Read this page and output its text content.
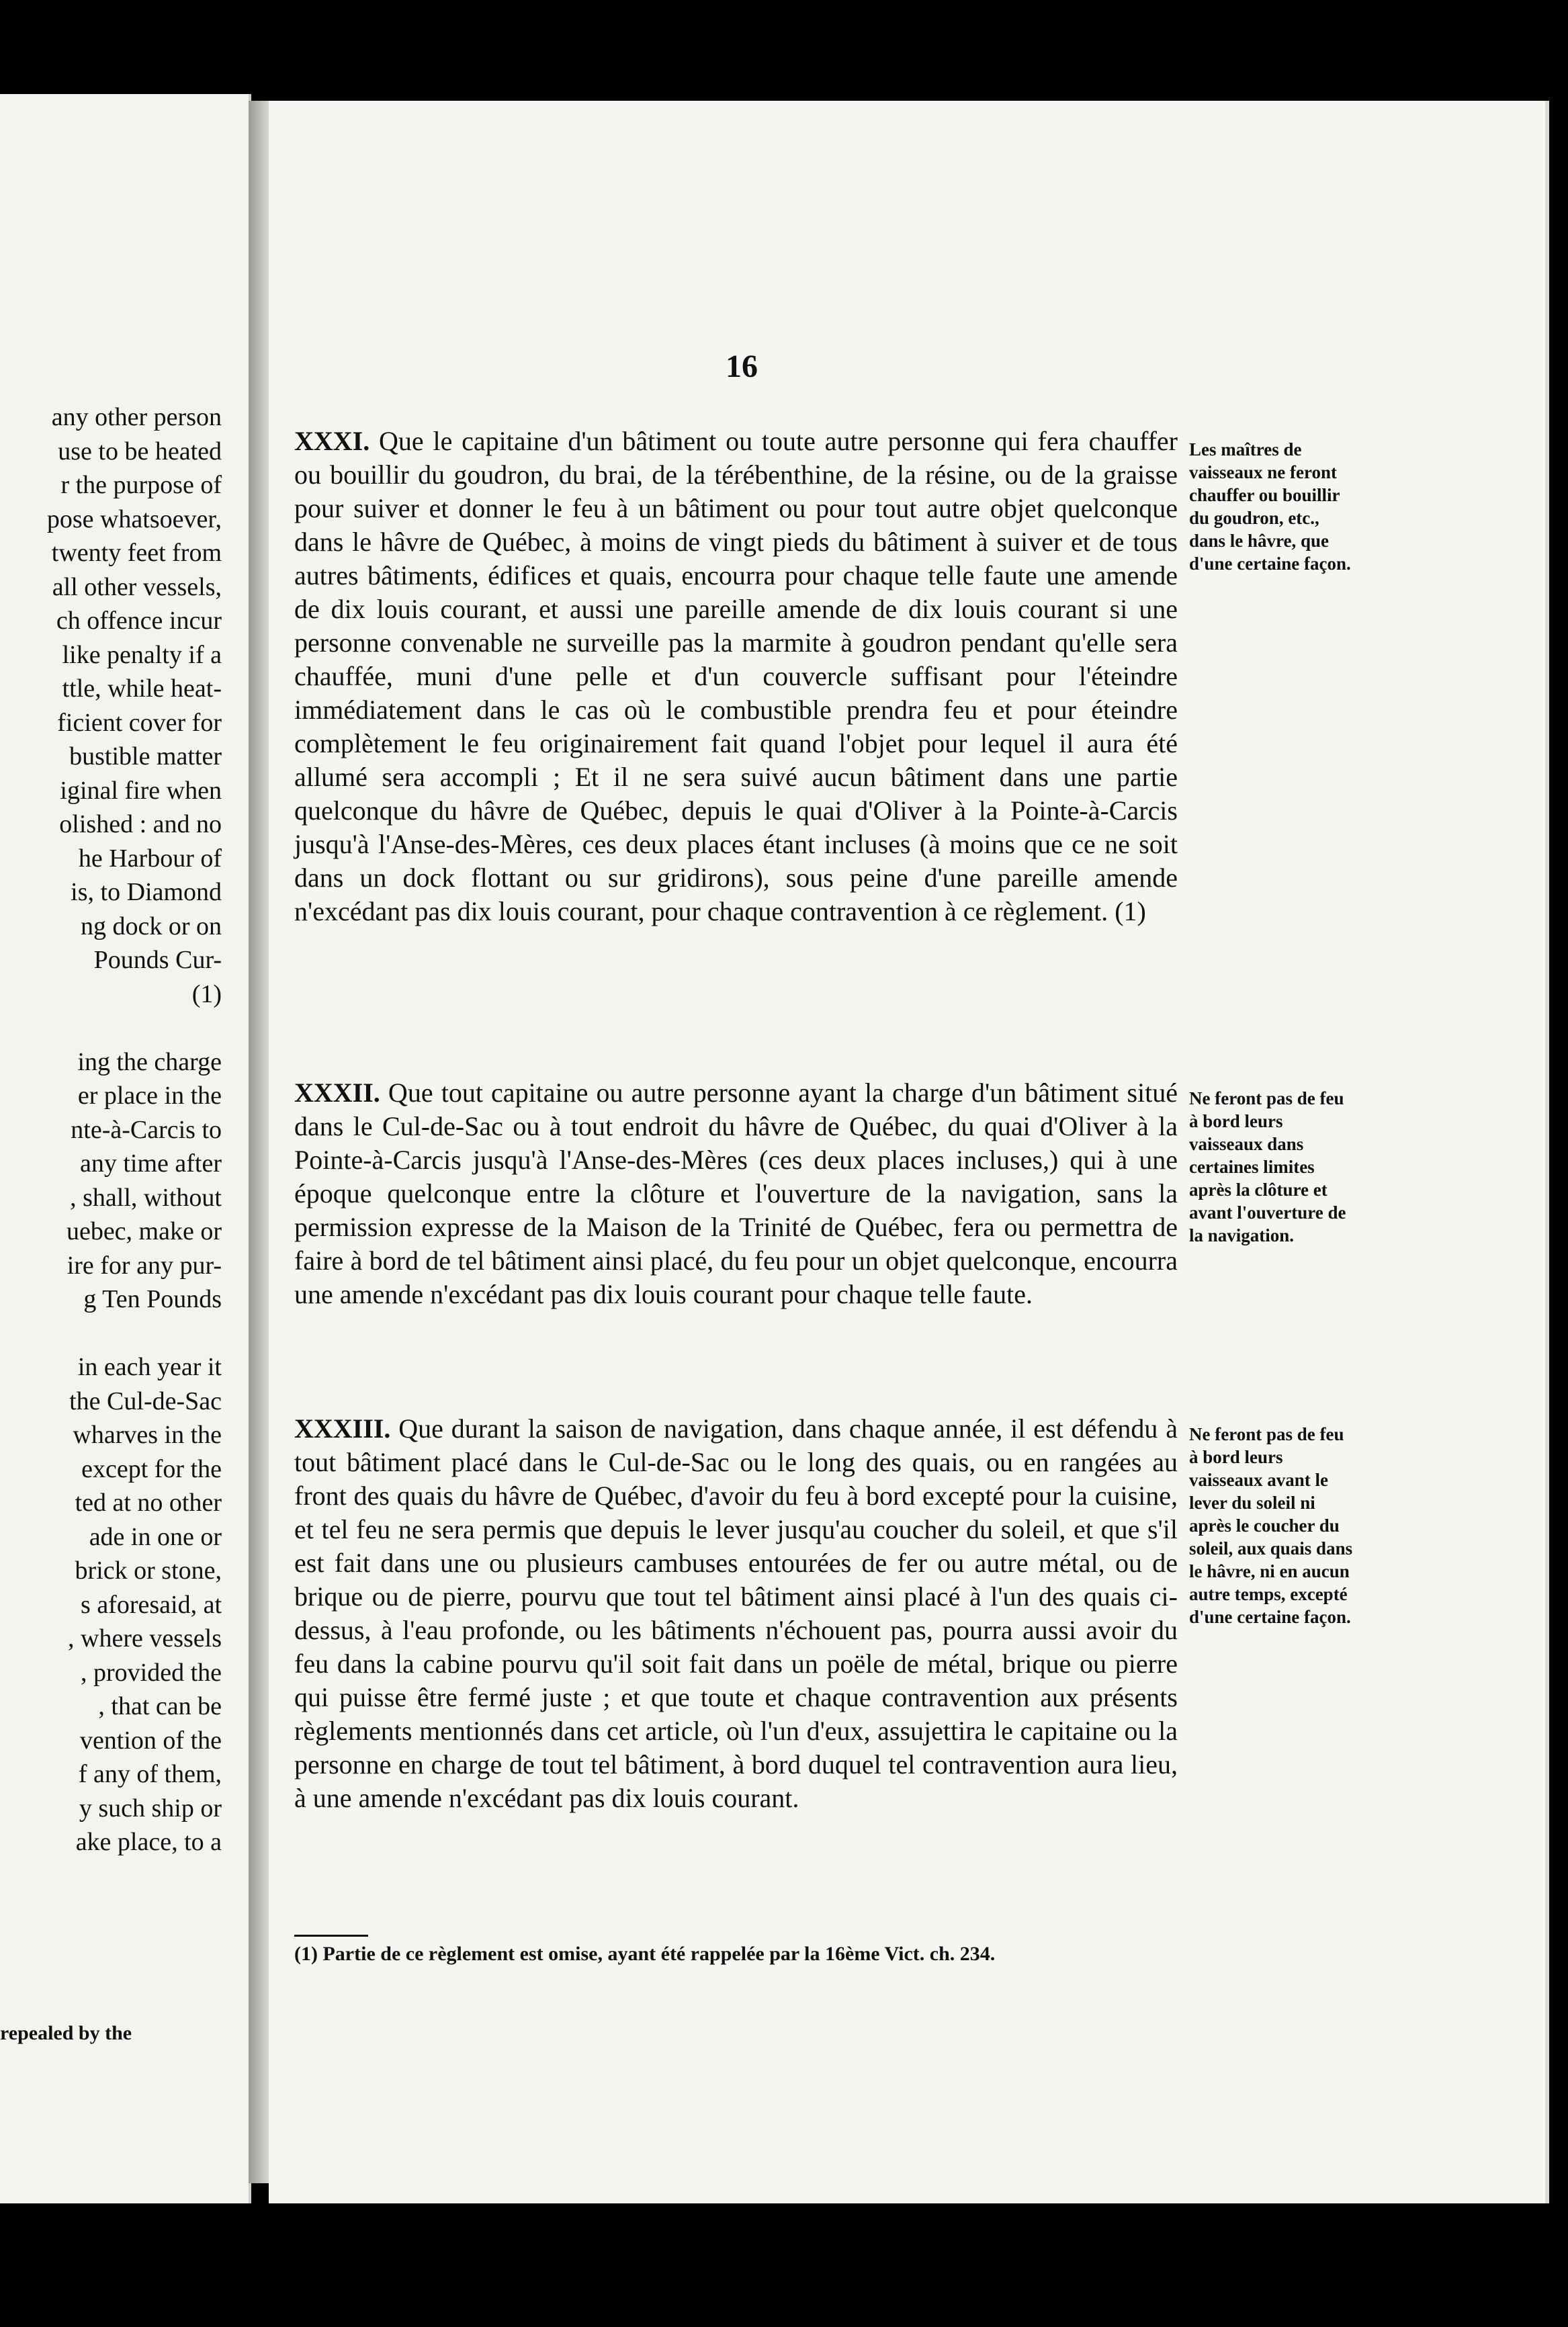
any other person
use to be heated
r the purpose of
pose whatsoever,
twenty feet from
all other vessels,
ch offence incur
like penalty if a
ttle, while heat-
ficient cover for
bustible matter
iginal fire when
olished : and no
he Harbour of
is, to Diamond
ng dock or on
Pounds Cur-
(1)
ing the charge
er place in the
nte-à-Carcis to
any time after
, shall, without
uebec, make or
ire for any pur-
g Ten Pounds
in each year it
the Cul-de-Sac
wharves in the
except for the
ted at no other
ade in one or
brick or stone,
s aforesaid, at
, where vessels
, provided the
, that can be
vention of the
f any of them,
y such ship or
ake place, to a
repealed by the
16

XXXI. Que le capitaine d'un bâtiment ou toute autre personne qui fera chauffer ou bouillir du goudron, du brai, de la térébenthine, de la résine, ou de la graisse pour suiver et donner le feu à un bâtiment ou pour tout autre objet quelconque dans le hâvre de Québec, à moins de vingt pieds du bâtiment à suiver et de tous autres bâtiments, édifices et quais, encourra pour chaque telle faute une amende de dix louis courant, et aussi une pareille amende de dix louis courant si une personne convenable ne surveille pas la marmite à goudron pendant qu'elle sera chauffée, muni d'une pelle et d'un couvercle suffisant pour l'éteindre immédiatement dans le cas où le combustible prendra feu et pour éteindre complètement le feu originairement fait quand l'objet pour lequel il aura été allumé sera accompli ; Et il ne sera suivé aucun bâtiment dans une partie quelconque du hâvre de Québec, depuis le quai d'Oliver à la Pointe-à-Carcis jusqu'à l'Anse-des-Mères, ces deux places étant incluses (à moins que ce ne soit dans un dock flottant ou sur gridirons), sous peine d'une pareille amende n'excédant pas dix louis courant, pour chaque contravention à ce règlement. (1)

Les maîtres de vaisseaux ne feront chauffer ou bouillir du goudron, etc., dans le hâvre, que d'une certaine façon.

XXXII. Que tout capitaine ou autre personne ayant la charge d'un bâtiment situé dans le Cul-de-Sac ou à tout endroit du hâvre de Québec, du quai d'Oliver à la Pointe-à-Carcis jusqu'à l'Anse-des-Mères (ces deux places incluses,) qui à une époque quelconque entre la clôture et l'ouverture de la navigation, sans la permission expresse de la Maison de la Trinité de Québec, fera ou permettra de faire à bord de tel bâtiment ainsi placé, du feu pour un objet quelconque, encourra une amende n'excédant pas dix louis courant pour chaque telle faute.

Ne feront pas de feu à bord leurs vaisseaux dans certaines limites après la clôture et avant l'ouverture de la navigation.

XXXIII. Que durant la saison de navigation, dans chaque année, il est défendu à tout bâtiment placé dans le Cul-de-Sac ou le long des quais, ou en rangées au front des quais du hâvre de Québec, d'avoir du feu à bord excepté pour la cuisine, et tel feu ne sera permis que depuis le lever jusqu'au coucher du soleil, et que s'il est fait dans une ou plusieurs cambuses entourées de fer ou autre métal, ou de brique ou de pierre, pourvu que tout tel bâtiment ainsi placé à l'un des quais ci-dessus, à l'eau profonde, ou les bâtiments n'échouent pas, pourra aussi avoir du feu dans la cabine pourvu qu'il soit fait dans un poële de métal, brique ou pierre qui puisse être fermé juste ; et que toute et chaque contravention aux présents règlements mentionnés dans cet article, où l'un d'eux, assujettira le capitaine ou la personne en charge de tout tel bâtiment, à bord duquel tel contravention aura lieu, à une amende n'excédant pas dix louis courant.

Ne feront pas de feu à bord leurs vaisseaux avant le lever du soleil ni après le coucher du soleil, aux quais dans le hâvre, ni en aucun autre temps, excepté d'une certaine façon.

(1) Partie de ce règlement est omise, ayant été rappelée par la 16ème Vict. ch. 234.
